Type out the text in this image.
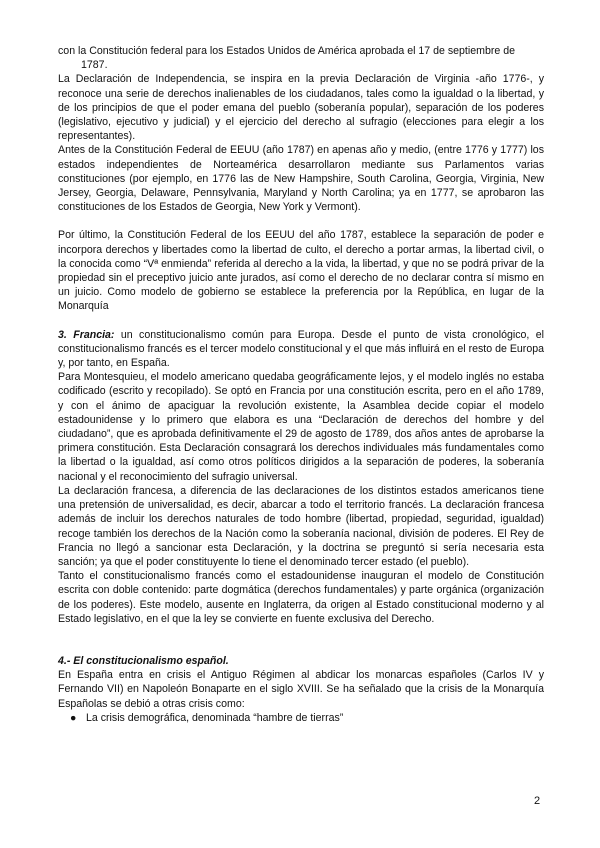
con la Constitución federal para los Estados Unidos de América aprobada el 17 de septiembre de

1787.

La Declaración de Independencia, se inspira en la previa Declaración de Virginia -año 1776-, y reconoce una serie de derechos inalienables de los ciudadanos, tales como la igualdad o la libertad, y de los principios de que el poder emana del pueblo (soberanía popular), separación de los poderes (legislativo, ejecutivo y judicial) y el ejercicio del derecho al sufragio (elecciones para elegir a los representantes).

Antes de la Constitución Federal de EEUU (año 1787) en apenas año y medio, (entre 1776 y 1777) los estados independientes de Norteamérica desarrollaron mediante sus Parlamentos varias constituciones (por ejemplo, en 1776 las de New Hampshire, South Carolina, Georgia, Virginia, New Jersey, Georgia, Delaware, Pennsylvania, Maryland y North Carolina; ya en 1777, se aprobaron las constituciones de los Estados de Georgia, New York y Vermont).

Por último, la Constitución Federal de los EEUU del año 1787, establece la separación de poder e incorpora derechos y libertades como la libertad de culto, el derecho a portar armas, la libertad civil, o la conocida como “Vª enmienda” referida al derecho a la vida, la libertad, y que no se podrá privar de la propiedad sin el preceptivo juicio ante jurados, así como el derecho de no declarar contra sí mismo en un juicio. Como modelo de gobierno se establece la preferencia por la República, en lugar de la Monarquía

3. Francia: un constitucionalismo común para Europa. Desde el punto de vista cronológico, el constitucionalismo francés es el tercer modelo constitucional y el que más influirá en el resto de Europa y, por tanto, en España.

Para Montesquieu, el modelo americano quedaba geográficamente lejos, y el modelo inglés no estaba codificado (escrito y recopilado). Se optó en Francia por una constitución escrita, pero en el año 1789, y con el ánimo de apaciguar la revolución existente, la Asamblea decide copiar el modelo estadounidense y lo primero que elabora es una “Declaración de derechos del hombre y del ciudadano”, que es aprobada definitivamente el 29 de agosto de 1789, dos años antes de aprobarse la primera constitución. Esta Declaración consagrará los derechos individuales más fundamentales como la libertad o la igualdad, así como otros políticos dirigidos a la separación de poderes, la soberanía nacional y el reconocimiento del sufragio universal.

La declaración francesa, a diferencia de las declaraciones de los distintos estados americanos tiene una pretensión de universalidad, es decir, abarcar a todo el territorio francés. La declaración francesa además de incluir los derechos naturales de todo hombre (libertad, propiedad, seguridad, igualdad) recoge también los derechos de la Nación como la soberanía nacional, división de poderes. El Rey de Francia no llegó a sancionar esta Declaración, y la doctrina se preguntó si sería necesaria esta sanción; ya que el poder constituyente lo tiene el denominado tercer estado (el pueblo).

Tanto el constitucionalismo francés como el estadounidense inauguran el modelo de Constitución escrita con doble contenido: parte dogmática (derechos fundamentales) y parte orgánica (organización de los poderes). Este modelo, ausente en Inglaterra, da origen al Estado constitucional moderno y al Estado legislativo, en el que la ley se convierte en fuente exclusiva del Derecho.

4.- El constitucionalismo español.

En España entra en crisis el Antiguo Régimen al abdicar los monarcas españoles (Carlos IV y Fernando VII) en Napoleón Bonaparte en el siglo XVIII. Se ha señalado que la crisis de la Monarquía Españolas se debió a otras crisis como:

● La crisis demográfica, denominada “hambre de tierras”
2
